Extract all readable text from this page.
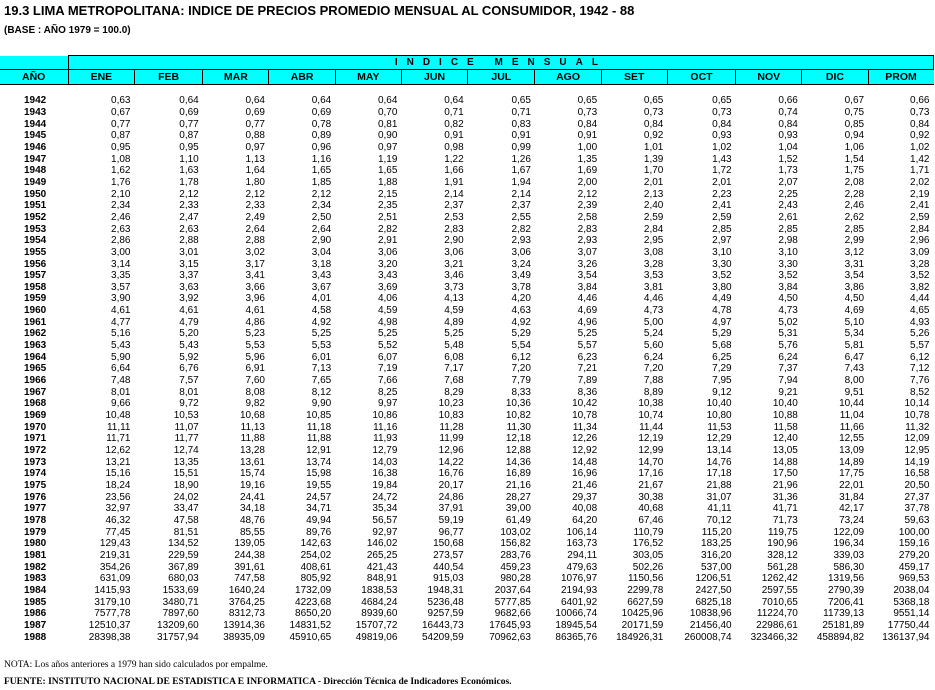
19.3 LIMA METROPOLITANA: INDICE DE PRECIOS PROMEDIO MENSUAL AL CONSUMIDOR, 1942 - 88
(BASE : AÑO 1979 = 100.0)
	INDICE MENSUAL												
AÑO	ENE	FEB	MAR	ABR	MAY	JUN	JUL	AGO	SET	OCT	NOV	DIC	PROM

1942	0,63	0,64	0,64	0,64	0,64	0,64	0,65	0,65	0,65	0,65	0,66	0,67	0,66
1943	0,67	0,69	0,69	0,69	0,70	0,71	0,71	0,73	0,73	0,73	0,74	0,75	0,73
1944	0,77	0,77	0,77	0,78	0,81	0,82	0,83	0,84	0,84	0,84	0,84	0,85	0,84
1945	0,87	0,87	0,88	0,89	0,90	0,91	0,91	0,91	0,92	0,93	0,93	0,94	0,92
1946	0,95	0,95	0,97	0,96	0,97	0,98	0,99	1,00	1,01	1,02	1,04	1,06	1,02
1947	1,08	1,10	1,13	1,16	1,19	1,22	1,26	1,35	1,39	1,43	1,52	1,54	1,42
1948	1,62	1,63	1,64	1,65	1,65	1,66	1,67	1,69	1,70	1,72	1,73	1,75	1,71
1949	1,76	1,78	1,80	1,85	1,88	1,91	1,94	2,00	2,01	2,01	2,07	2,08	2,02
1950	2,10	2,12	2,12	2,12	2,15	2,14	2,14	2,12	2,13	2,23	2,25	2,28	2,19
1951	2,34	2,33	2,33	2,34	2,35	2,37	2,37	2,39	2,40	2,41	2,43	2,46	2,41
1952	2,46	2,47	2,49	2,50	2,51	2,53	2,55	2,58	2,59	2,59	2,61	2,62	2,59
1953	2,63	2,63	2,64	2,64	2,82	2,83	2,82	2,83	2,84	2,85	2,85	2,85	2,84
1954	2,86	2,88	2,88	2,90	2,91	2,90	2,93	2,93	2,95	2,97	2,98	2,99	2,96
1955	3,00	3,01	3,02	3,04	3,06	3,06	3,06	3,07	3,08	3,10	3,10	3,12	3,09
1956	3,14	3,15	3,17	3,18	3,20	3,21	3,24	3,26	3,28	3,30	3,30	3,31	3,28
1957	3,35	3,37	3,41	3,43	3,43	3,46	3,49	3,54	3,53	3,52	3,52	3,54	3,52
1958	3,57	3,63	3,66	3,67	3,69	3,73	3,78	3,84	3,81	3,80	3,84	3,86	3,82
1959	3,90	3,92	3,96	4,01	4,06	4,13	4,20	4,46	4,46	4,49	4,50	4,50	4,44
1960	4,61	4,61	4,61	4,58	4,59	4,59	4,63	4,69	4,73	4,78	4,73	4,69	4,65
1961	4,77	4,79	4,86	4,92	4,98	4,89	4,92	4,96	5,00	4,97	5,02	5,10	4,93
1962	5,16	5,20	5,23	5,25	5,25	5,25	5,29	5,25	5,24	5,29	5,31	5,34	5,26
1963	5,43	5,43	5,53	5,53	5,52	5,48	5,54	5,57	5,60	5,68	5,76	5,81	5,57
1964	5,90	5,92	5,96	6,01	6,07	6,08	6,12	6,23	6,24	6,25	6,24	6,47	6,12
1965	6,64	6,76	6,91	7,13	7,19	7,17	7,20	7,21	7,20	7,29	7,37	7,43	7,12
1966	7,48	7,57	7,60	7,65	7,66	7,68	7,79	7,89	7,88	7,95	7,94	8,00	7,76
1967	8,01	8,01	8,08	8,12	8,25	8,29	8,33	8,36	8,89	9,12	9,21	9,51	8,52
1968	9,66	9,72	9,82	9,90	9,97	10,23	10,36	10,42	10,38	10,40	10,40	10,44	10,14
1969	10,48	10,53	10,68	10,85	10,86	10,83	10,82	10,78	10,74	10,80	10,88	11,04	10,78
1970	11,11	11,07	11,13	11,18	11,16	11,28	11,30	11,34	11,44	11,53	11,58	11,66	11,32
1971	11,71	11,77	11,88	11,88	11,93	11,99	12,18	12,26	12,19	12,29	12,40	12,55	12,09
1972	12,62	12,74	13,28	12,91	12,79	12,96	12,88	12,92	12,99	13,14	13,05	13,09	12,95
1973	13,21	13,35	13,61	13,74	14,03	14,22	14,36	14,48	14,70	14,76	14,88	14,89	14,19
1974	15,16	15,51	15,74	15,98	16,38	16,76	16,89	16,96	17,16	17,18	17,50	17,75	16,58
1975	18,24	18,90	19,16	19,55	19,84	20,17	21,16	21,46	21,67	21,88	21,96	22,01	20,50
1976	23,56	24,02	24,41	24,57	24,72	24,86	28,27	29,37	30,38	31,07	31,36	31,84	27,37
1977	32,97	33,47	34,18	34,71	35,34	37,91	39,00	40,08	40,68	41,11	41,71	42,17	37,78
1978	46,32	47,58	48,76	49,94	56,57	59,19	61,49	64,20	67,46	70,12	71,73	73,24	59,63
1979	77,45	81,51	85,55	89,76	92,97	96,77	103,02	106,14	110,79	115,20	119,75	122,09	100,00
1980	129,43	134,52	139,05	142,63	146,02	150,68	156,82	163,73	176,52	183,25	190,96	196,34	159,16
1981	219,31	229,59	244,38	254,02	265,25	273,57	283,76	294,11	303,05	316,20	328,12	339,03	279,20
1982	354,26	367,89	391,61	408,61	421,43	440,54	459,23	479,63	502,26	537,00	561,28	586,30	459,17
1983	631,09	680,03	747,58	805,92	848,91	915,03	980,28	1076,97	1150,56	1206,51	1262,42	1319,56	969,53
1984	1415,93	1533,69	1640,24	1732,09	1838,53	1948,31	2037,64	2194,93	2299,78	2427,50	2597,55	2790,39	2038,04
1985	3179,10	3480,71	3764,25	4223,68	4684,24	5236,48	5777,85	6401,92	6627,59	6825,18	7010,65	7206,41	5368,18
1986	7577,78	7897,60	8312,73	8650,20	8939,60	9257,59	9682,66	10066,74	10425,96	10838,96	11224,70	11739,13	9551,14
1987	12510,37	13209,60	13914,36	14831,52	15707,72	16443,73	17645,93	18945,54	20171,59	21456,40	22986,61	25181,89	17750,44
1988	28398,38	31757,94	38935,09	45910,65	49819,06	54209,59	70962,63	86365,76	184926,31	260008,74	323466,32	458894,82	136137,94
NOTA: Los años anteriores a 1979 han sido calculados por empalme.
FUENTE: INSTITUTO NACIONAL DE ESTADISTICA E INFORMATICA - Dirección Técnica de Indicadores Económicos.
